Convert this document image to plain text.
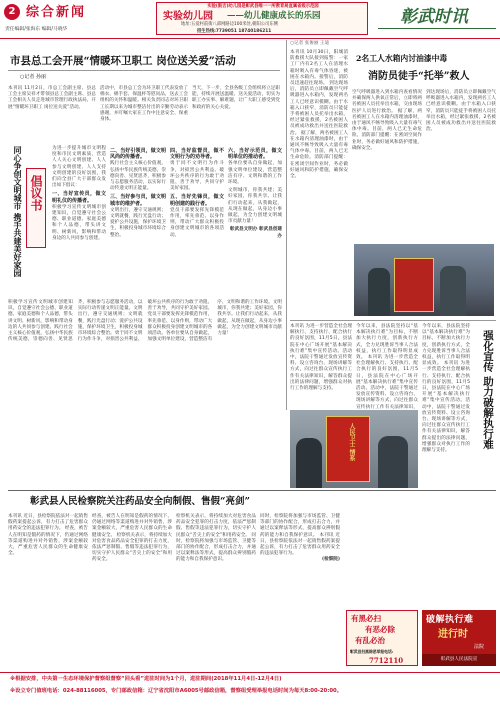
2 综合新闻
责任编辑/张海东 编辑/马晓华
实验(鼓吉)幼儿园是彰武县唯一一所教育局直属省级示范园
实验幼儿园 ——幼儿健康成长的乐园
地址:五爱村前街八部网路边100米处,朝阳公司东侧
招生热线:7739051 18740186211
彰武时讯
市县总工会开展“情暖环卫职工 岗位送关爱”活动
○记者 孙丽
本刊讯 11月2日，市总工会副主席、县总工会主席吴祥才带领县总工会副主席、县总工会相关人员走进城市管理行政执法局，开展“情暖环卫职工 岗位送关爱”活动。
活动中，市县总工会为环卫职工代表发放了棉衣、棉手套、保温杯等慰问品，送去工会组织的关怀和温暖。相关负责同志对环卫职工长期以来为城市整洁付出的辛勤劳动表示感谢，并叮嘱大家在工作中注意安全、保重身体。
当天，下一步，全县各级工会组织将立足职能，持续开展送温暖、送关爱活动，切实为职工办实事、解难题，让广大职工感受到党和政府的关心关爱。
同心争创文明城市 携手共建美好家园 倡议书
为进一步提升城市文明程度和市民文明素质，营造人人关心文明创建、人人参与文明创建、人人支持文明创建的良好氛围，我们向全县广大干部群众发出如下倡议：
一、当好宣传员，做文明礼仪的传播者。
积极学习宣传文明城市创建知识，自觉遵守社会公德、职业道德、家庭美德和个人品德，带头讲文明、树新风，影响和带动身边的人共同参与创建。
二、当好引领员，做文明风尚的传播者。
践行社会主义核心价值观，弘扬中华民族传统美德，崇德向善、见贤思齐，积极参与志愿服务活动，以实际行动传递文明正能量。
三、当好参与员，做文明城市的维护者。
文明出行，遵守交通规则；文明就餐，践行光盘行动；爱护公共设施，保护环境卫生，积极投身城市环境综合整治。
四、当好监督员，做不文明行为的劝导者。
勇于同不文明行为作斗争，对损害公共利益、破坏公共秩序的行为敢于劝阻、善于劝导，共同守护美好家园。
五、当好先锋员，做文明创建的践行者。
党员干部要发挥先锋模范作用，率先垂范、以身作则，带动广大群众积极投身创建文明城市的各项活动。
六、当好示范员，做文明单位的推动者。
各单位要从自身做起，加强文明单位建设，营造整洁有序、文明和谐的工作环境。

文明城市，你我共建；美好家园，你我共享。让我们行动起来，从我做起，从现在做起，从身边小事做起，为全力创建文明城市贡献力量！

彰武县文明办 彰武县创建办

积极学习宣传文明城市创建知识，自觉遵守社会公德、职业道德、家庭美德和个人品德，带头讲文明、树新风，影响和带动身边的人共同参与创建。践行社会主义核心价值观，弘扬中华民族传统美德，崇德向善、见贤思齐，积极参与志愿服务活动，以实际行动传递文明正能量。文明出行，遵守交通规则；文明就餐，践行光盘行动；爱护公共设施，保护环境卫生，积极投身城市环境综合整治。勇于同不文明行为作斗争，对损害公共利益、破坏公共秩序的行为敢于劝阻、善于劝导，共同守护美好家园。党员干部要发挥先锋模范作用，率先垂范、以身作则，带动广大群众积极投身创建文明城市的各项活动。各单位要从自身做起，加强文明单位建设，营造整洁有序、文明和谐的工作环境。文明城市，你我共建；美好家园，你我共享。让我们行动起来，从我做起，从现在做起，从身边小事做起，为全力创建文明城市贡献力量！
○记者 张俊丽 王迪
本刊讯 10月30日，阳城消防救援大队接到报警：一家工厂内有2名工人在清理水箱时吸入有毒气体昏迷，被困在水箱内。接警后，消防员迅速赶往现场。 到达现场后，消防员立即佩戴空气呼吸器进入水箱内，发现两名工人已经意识模糊。由于水箱入口狭窄，消防员只能徒手将被困人员托举出水箱，经过紧张救援，2名被困人员被成功救出并送往医院救治。 据了解，两名被困工人在水箱内清理油漆时，由于通风不畅导致吸入大量有毒气体中毒。目前，两人已无生命危险。消防部门提醒：在密闭空间作业时，务必做好通风和防护措施，确保安全。
2名工人水箱内讨油漆中毒
消防员徒手“托举”救人
空气呼吸器进入到水箱内查看情况并确保两人供氧正常后，立即将两名被困人员托举出水箱，交由现场医护人员进行救治。 据了解，两名被困工人在水箱内清理油漆时，由于通风不畅导致吸入大量有毒气体中毒。目前，两人已无生命危险。消防部门提醒：在密闭空间作业时，务必做好通风和防护措施，确保安全。
到达现场后，消防员立即佩戴空气呼吸器进入水箱内，发现两名工人已经意识模糊。由于水箱入口狭窄，消防员只能徒手将被困人员托举出水箱，经过紧张救援，2名被困人员被成功救出并送往医院救治。
本刊讯 为进一步营造全社会理解执行、支持执行、配合执行的良好氛围，11月5日，县法院在中心广场开展“基本解决执行难”集中宣传活动。活动中，法院干警通过发放宣传资料、设立咨询台、现场讲解等方式，向过往群众宣传执行工作有关法律知识，解答群众提出的法律问题，增强群众对执行工作的理解与支持。
今年以来，县法院坚持以“基本解决执行难”为目标，不断加大执行力度，创新执行方式，全力兑现胜诉当事人合法权益，执行工作取得明显成效。 本刊讯 为进一步营造全社会理解执行、支持执行、配合执行的良好氛围，11月5日，县法院在中心广场开展“基本解决执行难”集中宣传活动。活动中，法院干警通过发放宣传资料、设立咨询台、现场讲解等方式，向过往群众宣传执行工作有关法律知识，
今年以来，县法院坚持以“基本解决执行难”为目标，不断加大执行力度，创新执行方式，全力兑现胜诉当事人合法权益，执行工作取得明显成效。 本刊讯 为进一步营造全社会理解执行、支持执行、配合执行的良好氛围，11月5日，县法院在中心广场开展“基本解决执行难”集中宣传活动。活动中，法院干警通过发放宣传资料、设立咨询台、现场讲解等方式，向过往群众宣传执行工作有关法律知识，解答群众提出的法律问题，增强群众对执行工作的理解与支持。
强化宣传 助力破解执行难
人民卫士 情系
彰武县人民检察院关注药品安全向制假、售假“亮剑”
本刊讯 近日，县检察院依法对一起销售假药案提起公诉，有力打击了危害群众用药安全的违法犯罪行为。 经查，被告人在明知是假药的情况下，仍通过网络等渠道购进并对外销售，涉案金额较大，严重危害人民群众的生命健康安全。
经查，被告人在明知是假药的情况下，仍通过网络等渠道购进并对外销售，涉案金额较大，严重危害人民群众的生命健康安全。 检察机关表示，将持续加大对危害食品药品安全犯罪的打击力度，依法严惩制假、售假等违法犯罪行为，切实守护人民群众“舌尖上的安全”和用药安全。
检察机关表示，将持续加大对危害食品药品安全犯罪的打击力度，依法严惩制假、售假等违法犯罪行为，切实守护人民群众“舌尖上的安全”和用药安全。 同时，检察院将加强与市场监管、卫健等部门的协作配合，形成打击合力，并通过以案释法等形式，提高群众辨别假药的能力和自我保护意识。
同时，检察院将加强与市场监管、卫健等部门的协作配合，形成打击合力，并通过以案释法等形式，提高群众辨别假药的能力和自我保护意识。 本刊讯 近日，县检察院依法对一起销售假药案提起公诉，有力打击了危害群众用药安全的违法犯罪行为。
(检察院)
有黑必扫
有恶必除
有乱必治
彰武县扫黑除恶举报电话:
7712110
破解执行难
进行时
法院
彰武县人民法院宣
※根据安排，中央第一生态环境保护督察组督察“回头看”进驻时间为1个月，进驻期间(2018年11月4日-12月4日)
※设立专门值班电话：024-88116005，专门邮政信箱：辽宁省沈阳市A6005号邮政信箱，督察组受理举报电话时间为每天8:00-20:00。
